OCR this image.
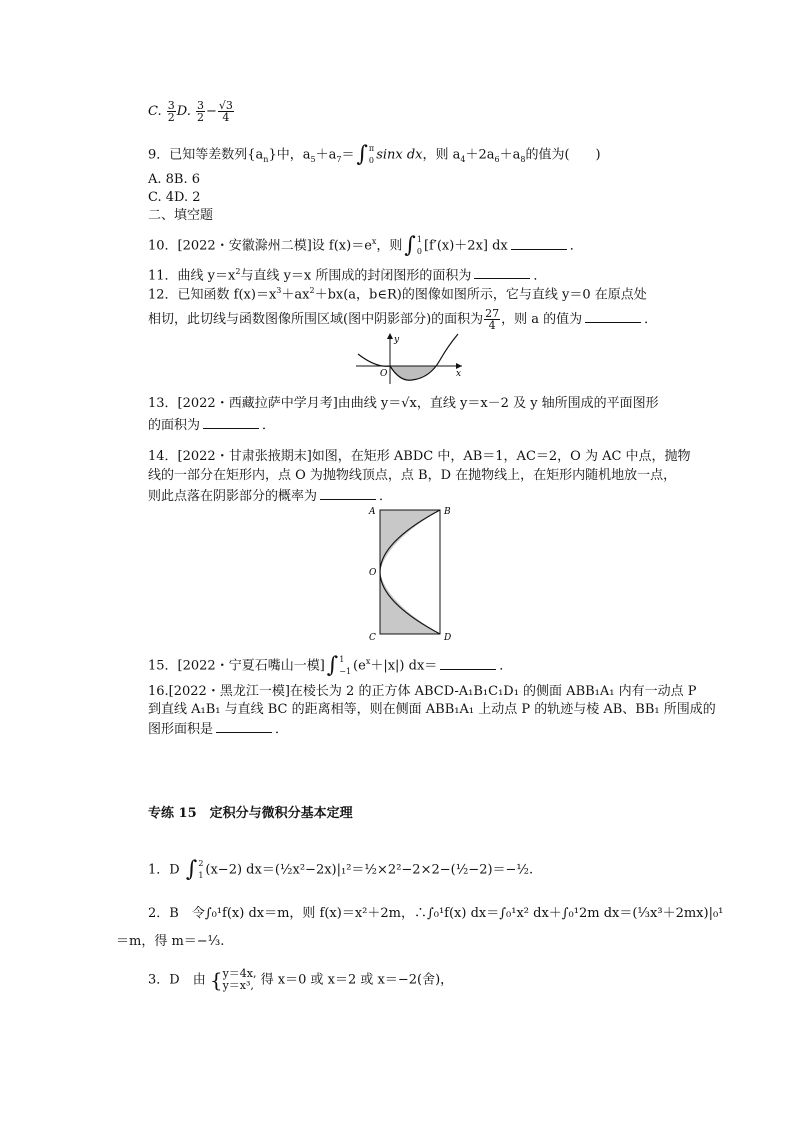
C. $\frac{3}{2} D$. $\frac{3}{2} - \frac{√3}{4}$
9．已知等差数列$\{a_n\}$中，$a_5+a_7=\int$ π
0 sinx dx，则 $a_4+2a_6+a_8$的值为(　　)
A. 8B. 6
C. 4D. 2
二、填空题
10．[2022・安徽滁州二模]设 $f(x)=e^x$，则∫ 1
0 [f′(x)＋2x] dx	．
11．曲线 $y=x^2$与直线 y＝x 所围成的封闭图形的面积为	．
12．已知函数 $f(x)=x^3+ax^2+bx(a$，b∈R)的图像如图所示，它与直线 y＝0 在原点处
相切，此切线与函数图像所围区域(图中阴影部分)的面积为 $\frac{27}{4}$ ，则 a 的值为	．
O	x
y
13．[2022・西藏拉萨中学月考]由曲线 y＝√x，直线 y＝x－2 及 y 轴所围成的平面图形
的面积为	．
14．[2022・甘肃张掖期末]如图，在矩形 ABDC 中，AB＝1，AC＝2，O 为 AC 中点，抛物
线的一部分在矩形内，点 O 为抛物线顶点，点 B，D 在抛物线上，在矩形内随机地放一点，
则此点落在阴影部分的概率为	．
A	B
O
C	D
15．[2022・宁夏石嘴山一模]∫ 1
−1 $(e^x+|x|)$ dx＝	．
16.[2022・黑龙江一模]在棱长为 2 的正方体 ABCD-A₁B₁C₁D₁ 的侧面 ABB₁A₁ 内有一动点 P
到直线 A₁B₁ 与直线 BC 的距离相等，则在侧面 ABB₁A₁ 上动点 P 的轨迹与棱 AB、BB₁ 所围成的
图形面积是	．
专练 15　定积分与微积分基本定理
1．D ∫ 2
1 (x−2) dx＝(½x²−2x)|₁²＝½×2²−2×2−(½−2)＝−½.
2．B　令∫₀¹f(x) dx＝m，则 f(x)＝x²＋2m，∴∫₀¹f(x) dx＝∫₀¹x² dx＋∫₀¹2m dx＝(⅓x³＋2mx)|₀¹
＝m，得 m＝−⅓.
3．D　由 { y＝4x,
y＝x³, 得 x＝0 或 x＝2 或 x＝−2(舍)，
